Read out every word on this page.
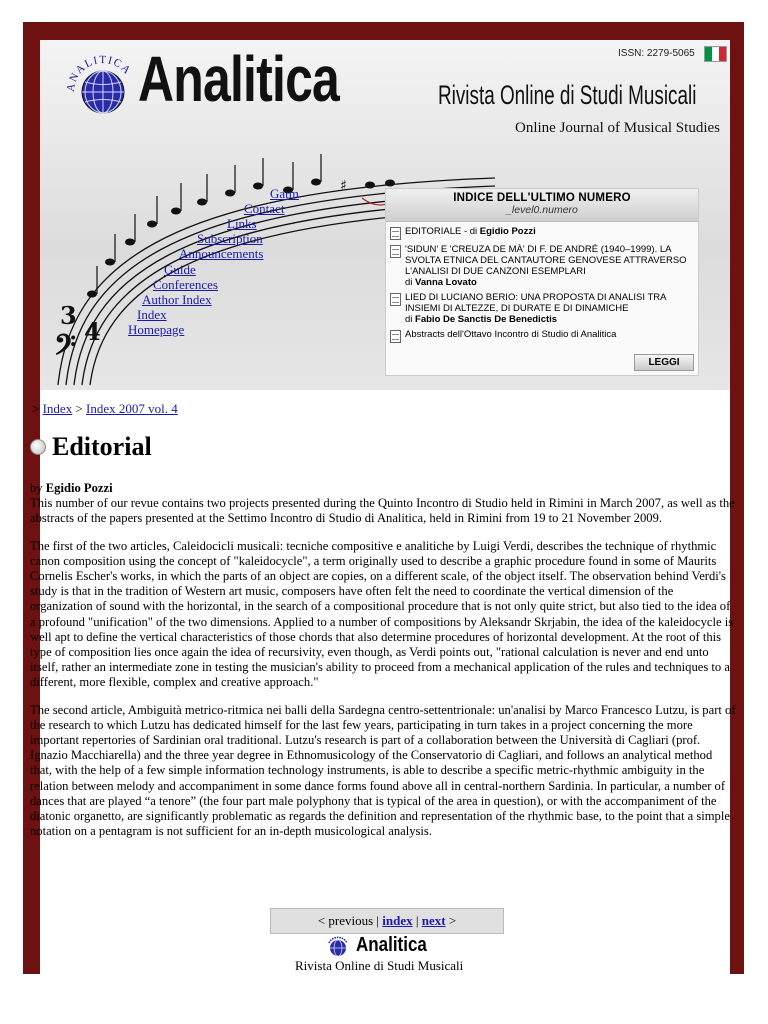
ISSN: 2279-5065
ANALITICA Analitica	Rivista Online di Studi Musicali
Online Journal of Musical Studies
𝄢
3
4
♯
Gatm
Contact
Links
Subscription
Announcements
Guide
Conferences
Author Index
Index
Homepage
INDICE DELL'ULTIMO NUMERO
_level0.numero
EDITORIALE - di Egidio Pozzi
'SIDUN' E 'CREUZA DE MÀ' DI F. DE ANDRÉ (1940–1999). LA SVOLTA ETNICA DEL CANTAUTORE GENOVESE ATTRAVERSO L'ANALISI DI DUE CANZONI ESEMPLARI
di Vanna Lovato
LIED DI LUCIANO BERIO: UNA PROPOSTA DI ANALISI TRA INSIEMI DI ALTEZZE, DI DURATE E DI DINAMICHE
di Fabio De Sanctis De Benedictis
Abstracts dell'Ottavo Incontro di Studio di Analitica
LEGGI
> Index > Index 2007 vol. 4
Editorial
by Egidio Pozzi

This number of our revue contains two projects presented during the Quinto Incontro di Studio held in Rimini in March 2007, as well as the abstracts of the papers presented at the Settimo Incontro di Studio di Analitica, held in Rimini from 19 to 21 November 2009.

The first of the two articles, Caleidocicli musicali: tecniche compositive e analitiche by Luigi Verdi, describes the technique of rhythmic canon composition using the concept of "kaleidocycle", a term originally used to describe a graphic procedure found in some of Maurits Cornelis Escher's works, in which the parts of an object are copies, on a different scale, of the object itself. The observation behind Verdi's study is that in the tradition of Western art music, composers have often felt the need to coordinate the vertical dimension of the organization of sound with the horizontal, in the search of a compositional procedure that is not only quite strict, but also tied to the idea of a profound "unification" of the two dimensions. Applied to a number of compositions by Aleksandr Skrjabin, the idea of the kaleidocycle is well apt to define the vertical characteristics of those chords that also determine procedures of horizontal development. At the root of this type of composition lies once again the idea of recursivity, even though, as Verdi points out, "rational calculation is never and end unto itself, rather an intermediate zone in testing the musician's ability to proceed from a mechanical application of the rules and techniques to a different, more flexible, complex and creative approach."

The second article, Ambiguità metrico-ritmica nei balli della Sardegna centro-settentrionale: un'analisi by Marco Francesco Lutzu, is part of the research to which Lutzu has dedicated himself for the last few years, participating in turn takes in a project concerning the more important repertories of Sardinian oral traditional. Lutzu's research is part of a collaboration between the Università di Cagliari (prof. Ignazio Macchiarella) and the three year degree in Ethnomusicology of the Conservatorio di Cagliari, and follows an analytical method that, with the help of a few simple information technology instruments, is able to describe a specific metric-rhythmic ambiguity in the relation between melody and accompaniment in some dance forms found above all in central-northern Sardinia. In particular, a number of dances that are played “a tenore” (the four part male polyphony that is typical of the area in question), or with the accompaniment of the diatonic organetto, are significantly problematic as regards the definition and representation of the rhythmic base, to the point that a simple notation on a pentagram is not sufficient for an in-depth musicological analysis.

< previous | index | next >
Analitica
Rivista Online di Studi Musicali
